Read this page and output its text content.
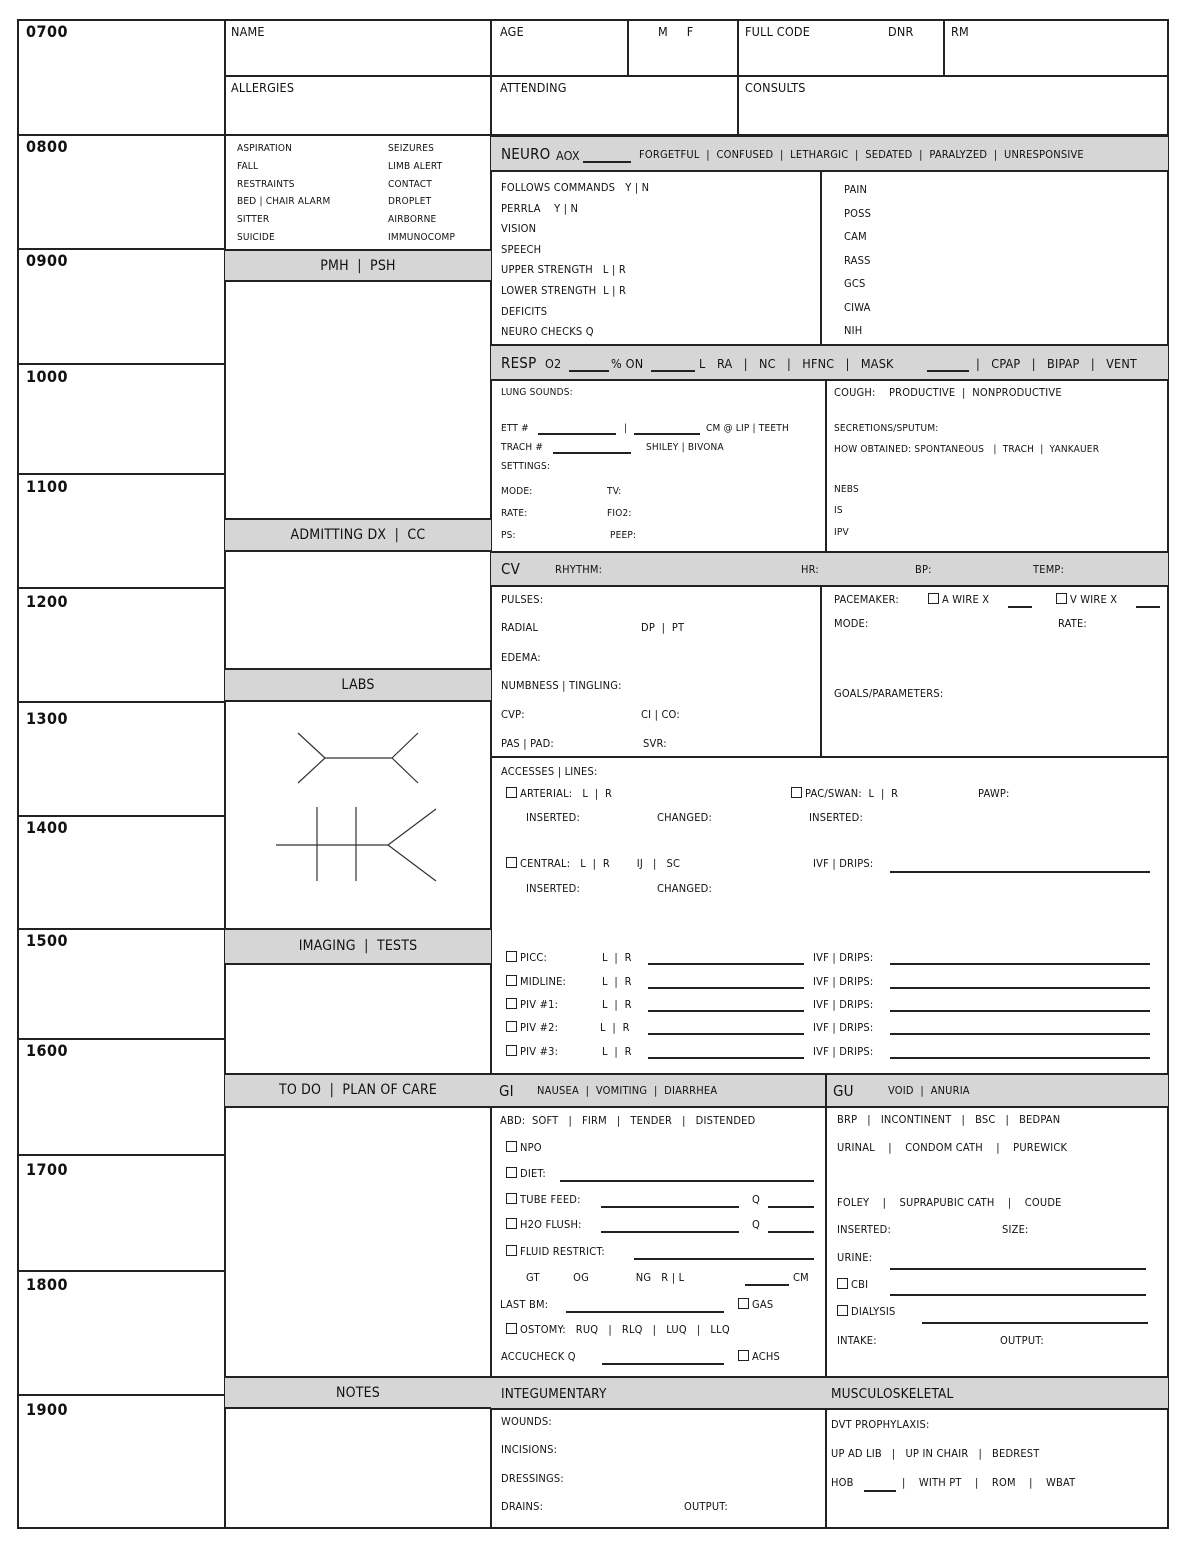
0700
0800
0900
1000
1100
1200
1300
1400
1500
1600
1700
1800
1900
NAME	AGE	M     F	FULL CODE	DNR	RM
ALLERGIES	ATTENDING	CONSULTS
ASPIRATION
FALL
RESTRAINTS
BED | CHAIR ALARM
SITTER
SUICIDE
SEIZURES
LIMB ALERT
CONTACT
DROPLET
AIRBORNE
IMMUNOCOMP
PMH  |  PSH
ADMITTING DX  |  CC
LABS
IMAGING  |  TESTS
TO DO  |  PLAN OF CARE
NOTES
NEURO AOX	FORGETFUL  |  CONFUSED  |  LETHARGIC  |  SEDATED  |  PARALYZED  |  UNRESPONSIVE
FOLLOWS COMMANDS   Y | N
PERRLA    Y | N
VISION
SPEECH
UPPER STRENGTH   L | R
LOWER STRENGTH  L | R
DEFICITS
NEURO CHECKS Q
PAIN
POSS
CAM
RASS
GCS
CIWA
NIH
RESP O2	% ON	L RA   |   NC   |   HFNC   |   MASK	|   CPAP   |   BIPAP   |   VENT
LUNG SOUNDS:
ETT #	|	CM @ LIP | TEETH
TRACH #	SHILEY | BIVONA
SETTINGS:
MODE:	TV:
RATE:	FIO2:
PS:	PEEP:
COUGH:    PRODUCTIVE  |  NONPRODUCTIVE
SECRETIONS/SPUTUM:
HOW OBTAINED: SPONTANEOUS   |  TRACH  |  YANKAUER
NEBS
IS
IPV
CV	RHYTHM:	HR:	BP:	TEMP:
PULSES:
RADIAL	DP  |  PT
EDEMA:
NUMBNESS | TINGLING:
CVP:	CI | CO:
PAS | PAD:	SVR:
PACEMAKER:	A WIRE X	V WIRE X
MODE:	RATE:
GOALS/PARAMETERS:
ACCESSES | LINES:
ARTERIAL:   L  |  R
INSERTED:	CHANGED:
PAC/SWAN:  L  |  R	PAWP:
INSERTED:
CENTRAL:   L  |  R        IJ   |   SC	IVF | DRIPS:
INSERTED:	CHANGED:
PICC:	L  |  R	IVF | DRIPS:
MIDLINE:	L  |  R	IVF | DRIPS:
PIV #1:	L  |  R	IVF | DRIPS:
PIV #2:	L  |  R	IVF | DRIPS:
PIV #3:	L  |  R	IVF | DRIPS:
GI NAUSEA  |  VOMITING  |  DIARRHEA	GU	VOID  |  ANURIA
ABD:  SOFT   |   FIRM   |   TENDER   |   DISTENDED
NPO
DIET:
TUBE FEED:	Q
H2O FLUSH:	Q
FLUID RESTRICT:
GT          OG              NG   R | L	CM
LAST BM:	GAS
OSTOMY:   RUQ   |   RLQ   |   LUQ   |   LLQ
ACCUCHECK Q	ACHS
BRP   |   INCONTINENT   |   BSC   |   BEDPAN
URINAL    |    CONDOM CATH    |    PUREWICK
FOLEY    |    SUPRAPUBIC CATH    |    COUDE
INSERTED:	SIZE:
URINE:
CBI
DIALYSIS
INTAKE:	OUTPUT:
INTEGUMENTARY	MUSCULOSKELETAL
WOUNDS:
INCISIONS:
DRESSINGS:
DRAINS:	OUTPUT:
DVT PROPHYLAXIS:
UP AD LIB   |   UP IN CHAIR   |   BEDREST
HOB	|    WITH PT    |    ROM    |    WBAT
